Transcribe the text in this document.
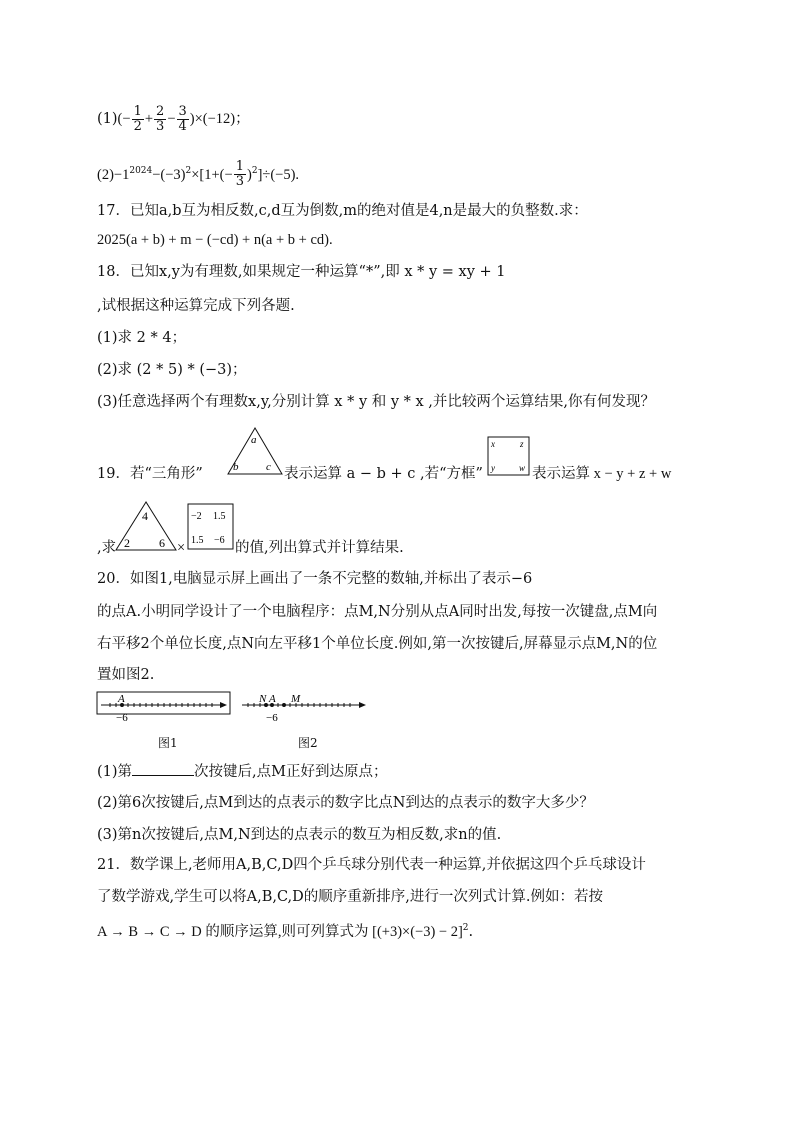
$(1)(- \frac{1}{2} + \frac{2}{3} - \frac{3}{4} )\times(-12)$；
$(2)-1^{2024}-(-3)^2\times[1+(- \frac{1}{3} )^2]\div(-5)$.
17．已知a,b互为相反数,c,d互为倒数,m的绝对值是4,n是最大的负整数.求：
2025(a + b) + m − (−cd) + n(a + b + cd).
18．已知x,y为有理数,如果规定一种运算“*”,即 x * y = xy + 1
,试根据这种运算完成下列各题.
(1)求 2 * 4；
(2)求 (2 * 5) * (−3)；
(3)任意选择两个有理数x,y,分别计算 x * y 和 y * x ,并比较两个运算结果,你有何发现？
19．若“三角形”
a
b	c 表示运算 a − b + c ,若“方框”
x	z
y	w 表示运算 x − y + z + w
,求
4
2 6 ×
−2 1.5
1.5 −6 的值,列出算式并计算结果.
20．如图1,电脑显示屏上画出了一条不完整的数轴,并标出了表示−6
的点A.小明同学设计了一个电脑程序：点M,N分别从点A同时出发,每按一次键盘,点M向
右平移2个单位长度,点N向左平移1个单位长度.例如,第一次按键后,屏幕显示点M,N的位
置如图2.
A
−6
图1
N A M
−6
图2
(1)第	次按键后,点M正好到达原点；
(2)第6次按键后,点M到达的点表示的数字比点N到达的点表示的数字大多少？
(3)第n次按键后,点M,N到达的点表示的数互为相反数,求n的值.
21．数学课上,老师用A,B,C,D四个乒乓球分别代表一种运算,并依据这四个乒乓球设计
了数学游戏,学生可以将A,B,C,D的顺序重新排序,进行一次列式计算.例如：若按
A → B → C → D 的顺序运算,则可列算式为 $[(+3)\times(-3) - 2]^2$.
